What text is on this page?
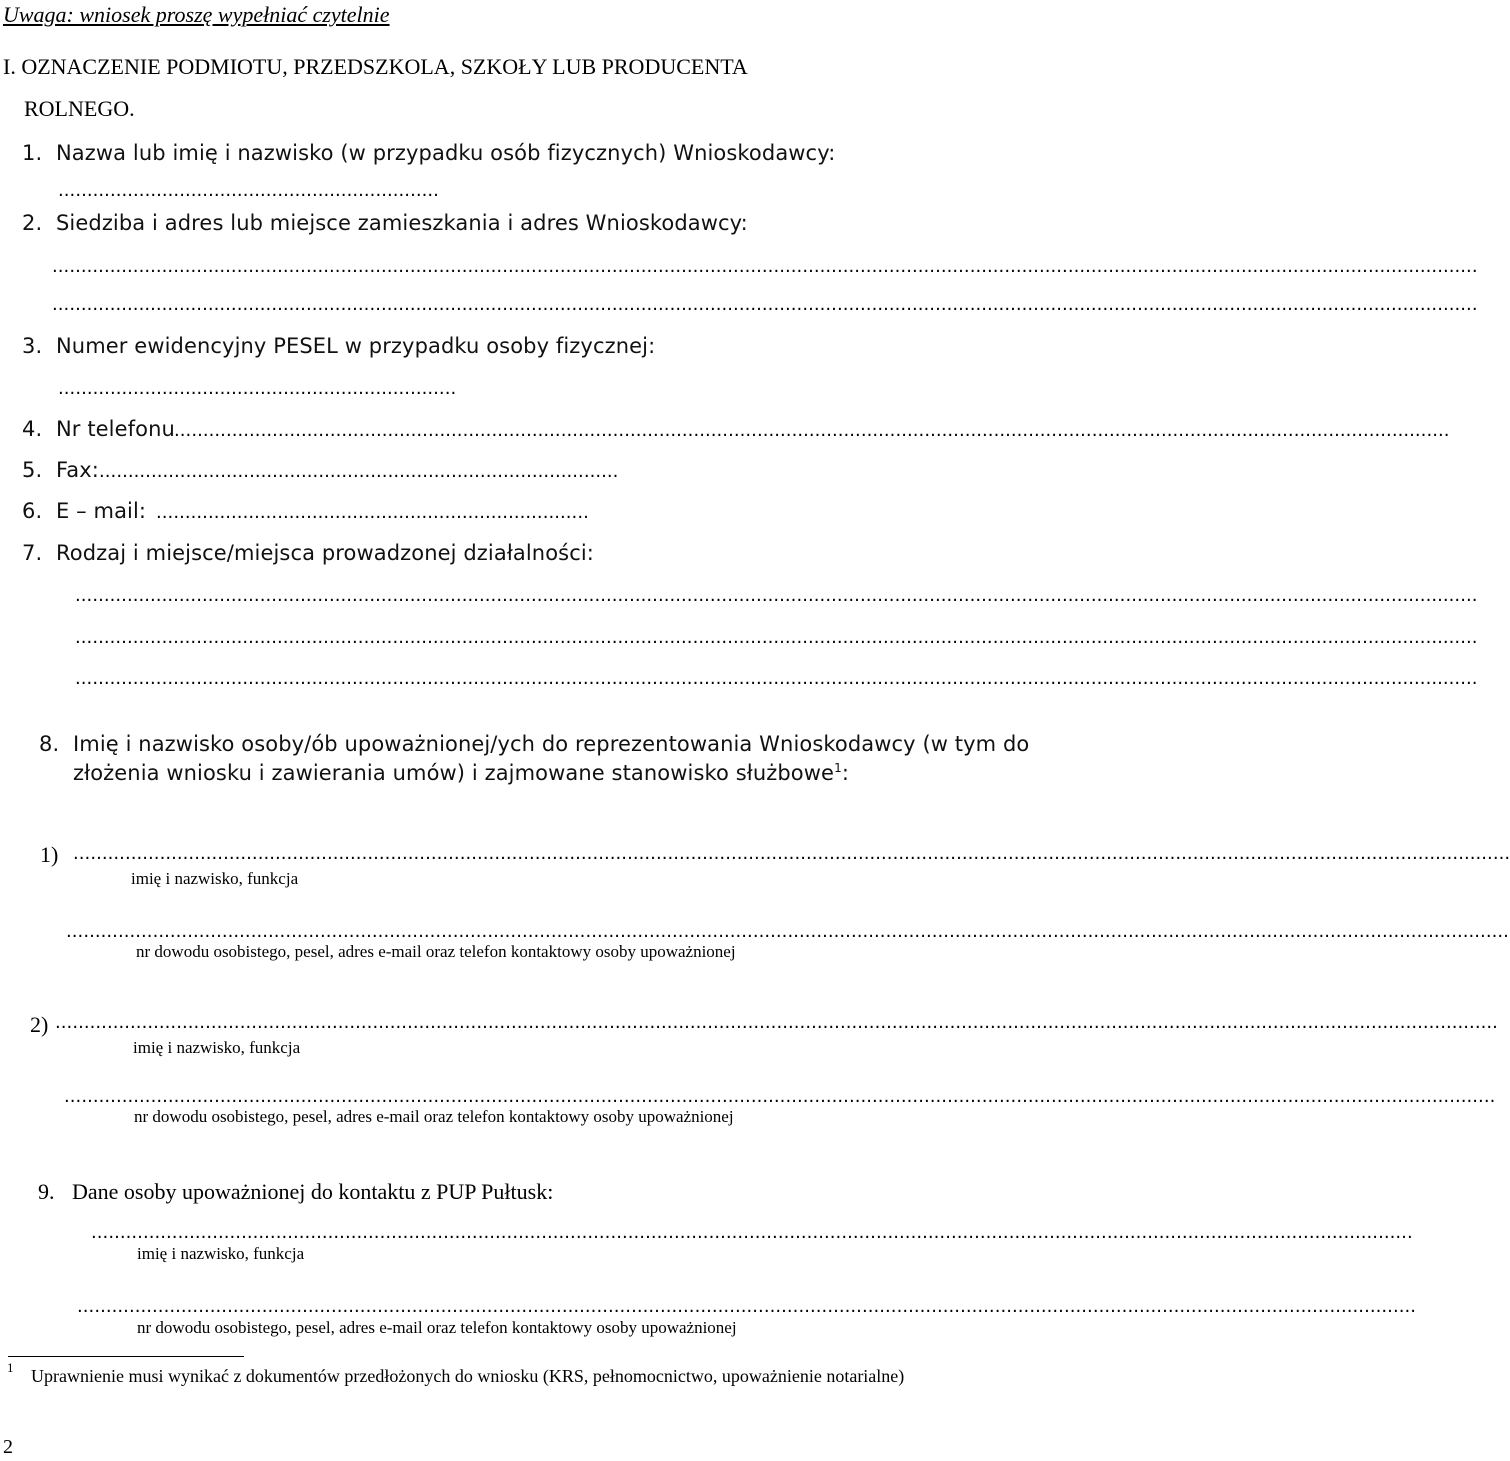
Uwaga: wniosek proszę wypełniać czytelnie
I. OZNACZENIE PODMIOTU, PRZEDSZKOLA, SZKOŁY LUB PRODUCENTA
ROLNEGO.
1. Nazwa lub imię i nazwisko (w przypadku osób fizycznych) Wnioskodawcy:
..................................................................
2. Siedziba i adres lub miejsce zamieszkania i adres Wnioskodawcy:
.......................................................................................................................................................................................................................................................
.......................................................................................................................................................................................................................................................
3. Numer ewidencyjny PESEL w przypadku osoby fizycznej:
.....................................................................
4. Nr telefonu .............................................................................................................................................................................................................................
5. Fax: ..........................................................................................
6. E – mail: ...........................................................................
7. Rodzaj i miejsce/miejsca prowadzonej działalności:
...................................................................................................................................................................................................................................................
...................................................................................................................................................................................................................................................
...................................................................................................................................................................................................................................................
8. Imię i nazwisko osoby/ób upoważnionej/ych do reprezentowania Wnioskodawcy (w tym do
złożenia wniosku i zawierania umów) i zajmowane stanowisko służbowe$^1$:
1) .........................................................................................................................................................................................................................................................
imię i nazwisko, funkcja
..........................................................................................................................................................................................................................................................
nr dowodu osobistego, pesel, adres e-mail oraz telefon kontaktowy osoby upoważnionej
2) ..........................................................................................................................................................................................................................................................
imię i nazwisko, funkcja
........................................................................................................................................................................................................................................................
nr dowodu osobistego, pesel, adres e-mail oraz telefon kontaktowy osoby upoważnionej
9. Dane osoby upoważnionej do kontaktu z PUP Pułtusk:
.....................................................................................................................................................................................................................................
imię i nazwisko, funkcja
........................................................................................................................................................................................................................................
nr dowodu osobistego, pesel, adres e-mail oraz telefon kontaktowy osoby upoważnionej
1 Uprawnienie musi wynikać z dokumentów przedłożonych do wniosku (KRS, pełnomocnictwo, upoważnienie notarialne)
2
